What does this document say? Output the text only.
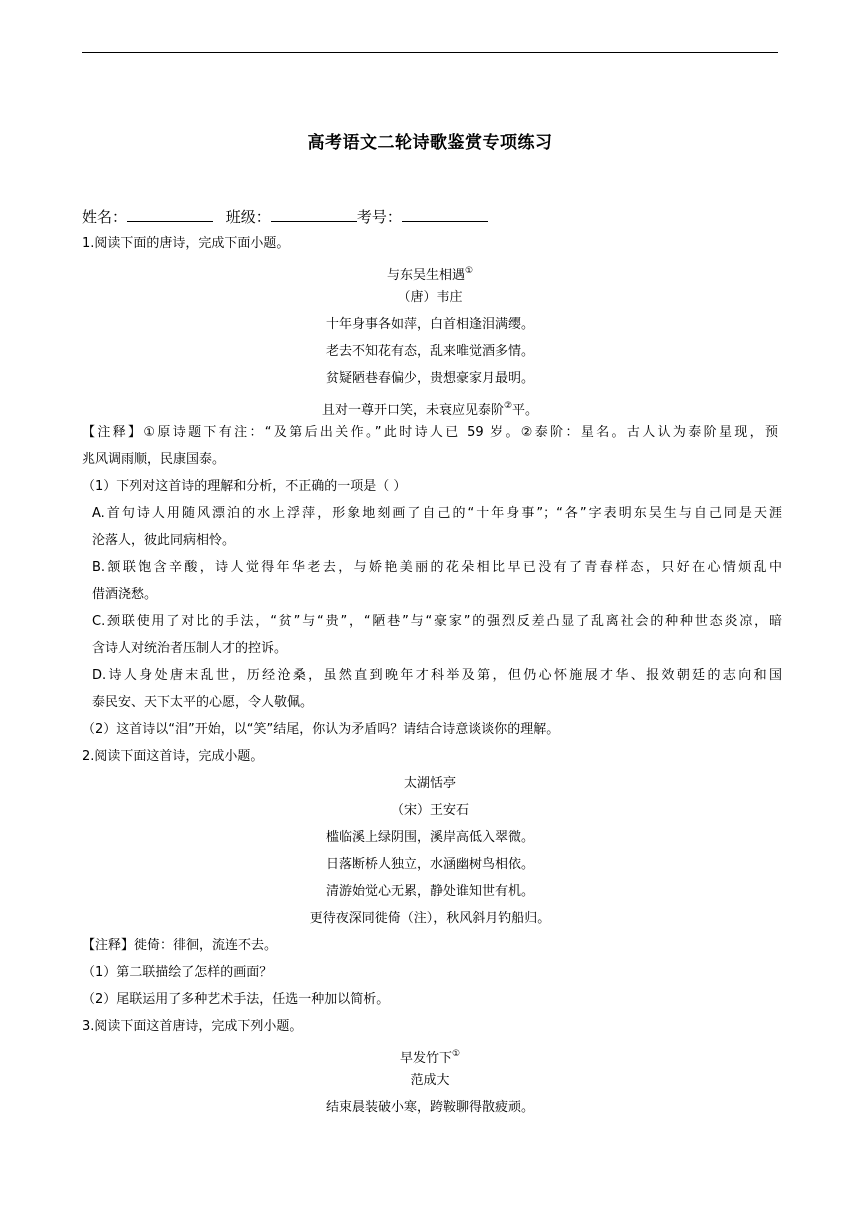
高考语文二轮诗歌鉴赏专项练习
姓名：	班级：	考号：
1.阅读下面的唐诗，完成下面小题。
与东吴生相遇①
（唐）韦庄
十年身事各如萍，白首相逢泪满缨。
老去不知花有态，乱来唯觉酒多情。
贫疑陋巷春偏少，贵想豪家月最明。
且对一尊开口笑，未衰应见泰阶②平。
【注释】①原诗题下有注：“及第后出关作。”此时诗人已 59 岁。②泰阶：星名。古人认为泰阶星现，预
兆风调雨顺，民康国泰。
（1）下列对这首诗的理解和分析，不正确的一项是（ ）
A.首句诗人用随风漂泊的水上浮萍，形象地刻画了自己的“十年身事”；“各”字表明东吴生与自己同是天涯
沦落人，彼此同病相怜。
B.颔联饱含辛酸，诗人觉得年华老去，与娇艳美丽的花朵相比早已没有了青春样态，只好在心情烦乱中
借酒浇愁。
C.颈联使用了对比的手法，“贫”与“贵”，“陋巷”与“豪家”的强烈反差凸显了乱离社会的种种世态炎凉，暗
含诗人对统治者压制人才的控诉。
D.诗人身处唐末乱世，历经沧桑，虽然直到晚年才科举及第，但仍心怀施展才华、报效朝廷的志向和国
泰民安、天下太平的心愿，令人敬佩。
（2）这首诗以“泪”开始，以“笑”结尾，你认为矛盾吗？请结合诗意谈谈你的理解。
2.阅读下面这首诗，完成小题。
太湖恬亭
（宋）王安石
槛临溪上绿阴围，溪岸高低入翠微。
日落断桥人独立，水涵幽树鸟相依。
清游始觉心无累，静处谁知世有机。
更待夜深同徙倚（注），秋风斜月钓船归。
【注释】徙倚：徘徊，流连不去。
（1）第二联描绘了怎样的画面？
（2）尾联运用了多种艺术手法，任选一种加以简析。
3.阅读下面这首唐诗，完成下列小题。
早发竹下①
范成大
结束晨装破小寒，跨鞍聊得散疲顽。
